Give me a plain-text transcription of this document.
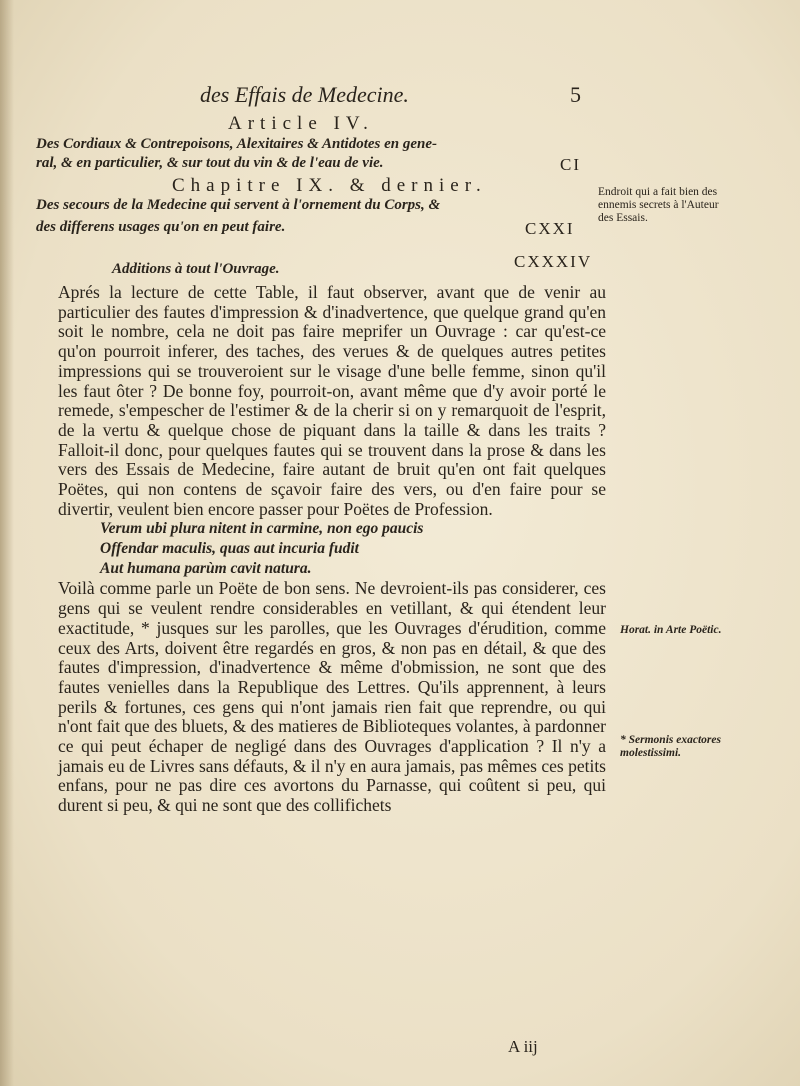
des Effais de Medecine.	5
Article IV.
Des Cordiaux & Contrepoisons, Alexitaires & Antidotes en gene-
ral, & en particulier, & sur tout du vin & de l'eau de vie.	CI
Chapitre IX. & dernier.
Des secours de la Medecine qui servent à l'ornement du Corps, &
des differens usages qu'on en peut faire.	CXXI
Additions à tout l'Ouvrage.	CXXXIV

Aprés la lecture de cette Table, il faut observer, avant que de venir au particulier des fautes d'impression & d'inadvertence, que quelque grand qu'en soit le nombre, cela ne doit pas faire meprifer un Ouvrage : car qu'est-ce qu'on pourroit inferer, des taches, des verues & de quelques autres petites impressions qui se trouveroient sur le visage d'une belle femme, sinon qu'il les faut ôter ? De bonne foy, pourroit-on, avant même que d'y avoir porté le remede, s'empescher de l'estimer & de la cherir si on y remarquoit de l'esprit, de la vertu & quelque chose de piquant dans la taille & dans les traits ? Falloit-il donc, pour quelques fautes qui se trouvent dans la prose & dans les vers des Essais de Medecine, faire autant de bruit qu'en ont fait quelques Poëtes, qui non contens de sçavoir faire des vers, ou d'en faire pour se divertir, veulent bien encore passer pour Poëtes de Profession.

Verum ubi plura nitent in carmine, non ego paucis

Offendar maculis, quas aut incuria fudit

Aut humana parùm cavit natura.

Voilà comme parle un Poëte de bon sens. Ne devroient-ils pas considerer, ces gens qui se veulent rendre considerables en vetillant, & qui étendent leur exactitude, * jusques sur les parolles, que les Ouvrages d'érudition, comme ceux des Arts, doivent être regardés en gros, & non pas en détail, & que des fautes d'impression, d'inadvertence & même d'obmission, ne sont que des fautes venielles dans la Republique des Lettres. Qu'ils apprennent, à leurs perils & fortunes, ces gens qui n'ont jamais rien fait que reprendre, ou qui n'ont fait que des bluets, & des matieres de Biblioteques volantes, à pardonner ce qui peut échaper de negligé dans des Ouvrages d'application ? Il n'y a jamais eu de Livres sans défauts, & il n'y en aura jamais, pas mêmes ces petits enfans, pour ne pas dire ces avortons du Parnasse, qui coûtent si peu, qui durent si peu, & qui ne sont que des collifichets

Endroit qui a fait bien des ennemis secrets à l'Auteur des Essais.
Horat. in Arte Poëtic.
* Sermonis exactores molestissimi.
A iij
